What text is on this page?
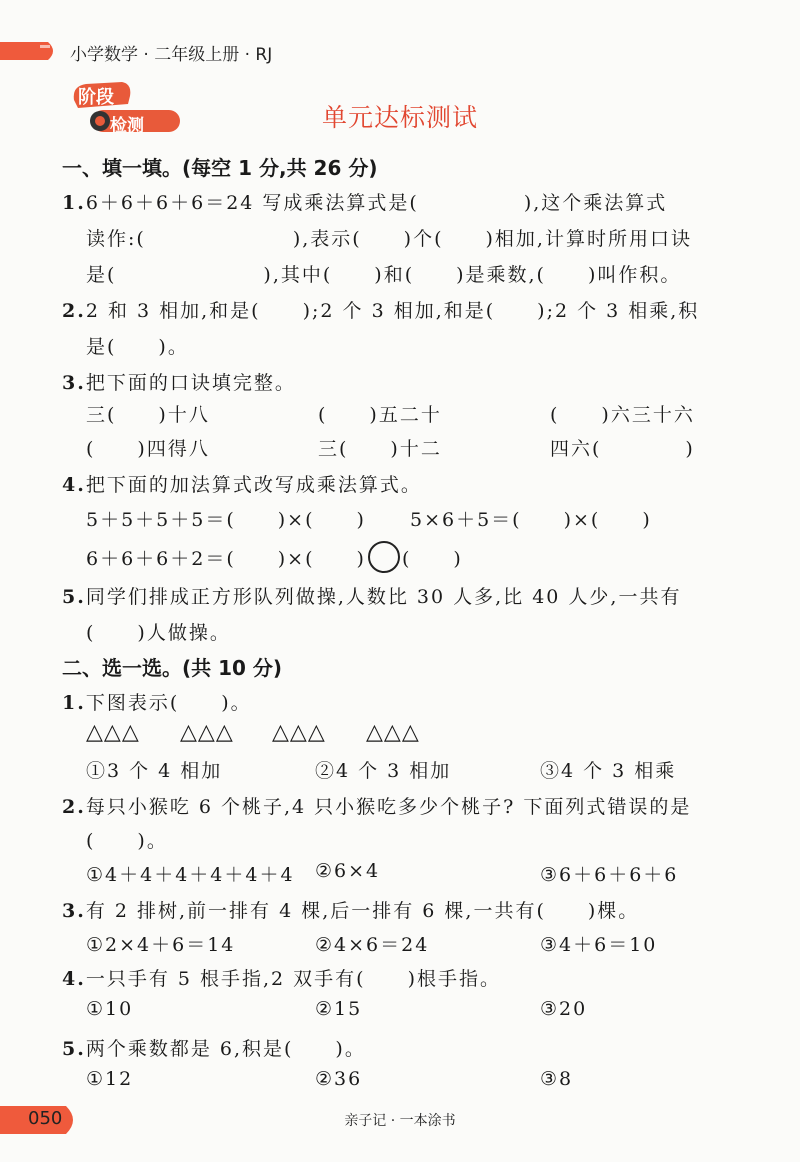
小学数学 · 二年级上册 · RJ
阶段
检测	单元达标测试
一、填一填。(每空 1 分,共 26 分)
1.6＋6＋6＋6＝24 写成乘法算式是(　　　　　),这个乘法算式
读作:(　　　　　　　),表示(　　)个(　　)相加,计算时所用口诀
是(　　　　　　　),其中(　　)和(　　)是乘数,(　　)叫作积。
2.2 和 3 相加,和是(　　);2 个 3 相加,和是(　　);2 个 3 相乘,积
是(　　)。
3.把下面的口诀填完整。
三(　　)十八	(　　)五二十	(　　)六三十六
(　　)四得八	三(　　)十二	四六(　　　　)
4.把下面的加法算式改写成乘法算式。
5＋5＋5＋5＝(　　)×(　　) 5×6＋5＝(　　)×(　　)
6＋6＋6＋2＝(　　)×(　　) (　　)
5.同学们排成正方形队列做操,人数比 30 人多,比 40 人少,一共有
(　　)人做操。
二、选一选。(共 10 分)
1.下图表示(　　)。
△△△ △△△ △△△ △△△
①3 个 4 相加	②4 个 3 相加	③4 个 3 相乘
2.每只小猴吃 6 个桃子,4 只小猴吃多少个桃子? 下面列式错误的是
(　　)。
①4＋4＋4＋4＋4＋4 ②6×4	③6＋6＋6＋6
3.有 2 排树,前一排有 4 棵,后一排有 6 棵,一共有(　　)棵。
①2×4＋6＝14	②4×6＝24	③4＋6＝10
4.一只手有 5 根手指,2 双手有(　　)根手指。
①10	②15	③20
5.两个乘数都是 6,积是(　　)。
①12	②36	③8
050	亲子记 · 一本涂书
